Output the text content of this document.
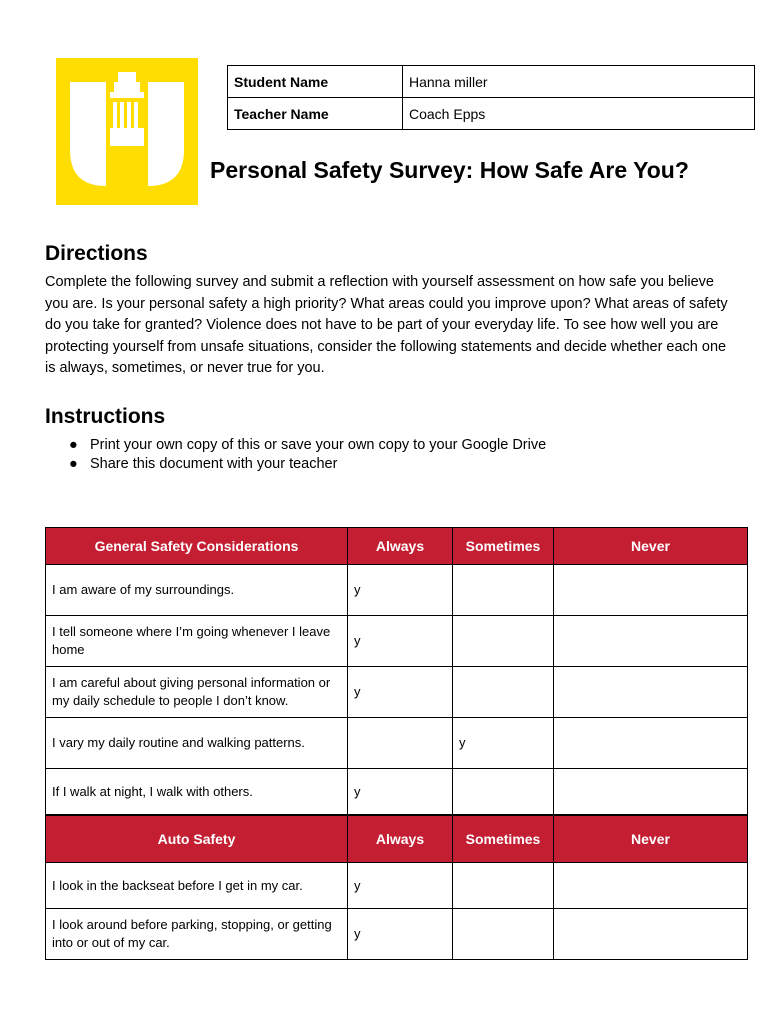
Student Name	Hanna miller
Teacher Name	Coach Epps
Personal Safety Survey: How Safe Are You?
Directions

Complete the following survey and submit a reflection with yourself assessment on how safe you believe you are. Is your personal safety a high priority? What areas could you improve upon? What areas of safety do you take for granted? Violence does not have to be part of your everyday life. To see how well you are protecting yourself from unsafe situations, consider the following statements and decide whether each one is always, sometimes, or never true for you.

Instructions
● Print your own copy of this or save your own copy to your Google Drive
● Share this document with your teacher
General Safety Considerations	Always	Sometimes	Never
I am aware of my surroundings.	y		
I tell someone where I’m going whenever I leave home	y		
I am careful about giving personal information or my daily schedule to people I don’t know.	y		
I vary my daily routine and walking patterns.		y	
If I walk at night, I walk with others.	y		
Auto Safety	Always	Sometimes	Never
I look in the backseat before I get in my car.	y		
I look around before parking, stopping, or getting into or out of my car.	y		
